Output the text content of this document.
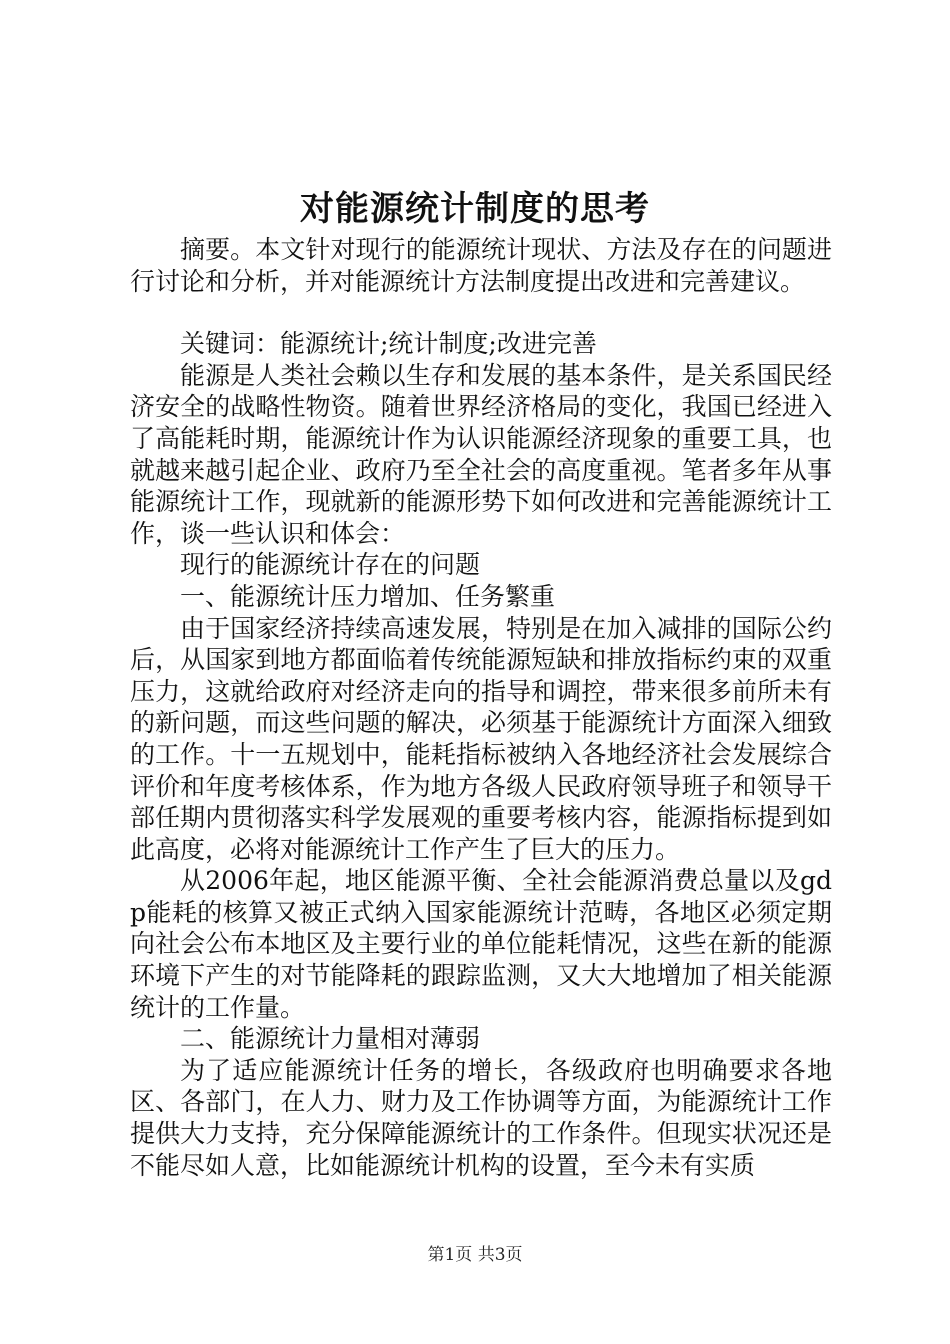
对能源统计制度的思考

摘要。本文针对现行的能源统计现状、方法及存在的问题进行讨论和分析，并对能源统计方法制度提出改进和完善建议。

关键词：能源统计;统计制度;改进完善

能源是人类社会赖以生存和发展的基本条件，是关系国民经济安全的战略性物资。随着世界经济格局的变化，我国已经进入了高能耗时期，能源统计作为认识能源经济现象的重要工具，也就越来越引起企业、政府乃至全社会的高度重视。笔者多年从事能源统计工作，现就新的能源形势下如何改进和完善能源统计工作，谈一些认识和体会：

现行的能源统计存在的问题

一、能源统计压力增加、任务繁重

由于国家经济持续高速发展，特别是在加入减排的国际公约后，从国家到地方都面临着传统能源短缺和排放指标约束的双重压力，这就给政府对经济走向的指导和调控，带来很多前所未有的新问题，而这些问题的解决，必须基于能源统计方面深入细致的工作。十一五规划中，能耗指标被纳入各地经济社会发展综合评价和年度考核体系，作为地方各级人民政府领导班子和领导干部任期内贯彻落实科学发展观的重要考核内容，能源指标提到如此高度，必将对能源统计工作产生了巨大的压力。

从2006年起，地区能源平衡、全社会能源消费总量以及gdp能耗的核算又被正式纳入国家能源统计范畴，各地区必须定期向社会公布本地区及主要行业的单位能耗情况，这些在新的能源环境下产生的对节能降耗的跟踪监测，又大大地增加了相关能源统计的工作量。

二、能源统计力量相对薄弱

为了适应能源统计任务的增长，各级政府也明确要求各地区、各部门，在人力、财力及工作协调等方面，为能源统计工作提供大力支持，充分保障能源统计的工作条件。但现实状况还是不能尽如人意，比如能源统计机构的设置，至今未有实质

第1页 共3页
